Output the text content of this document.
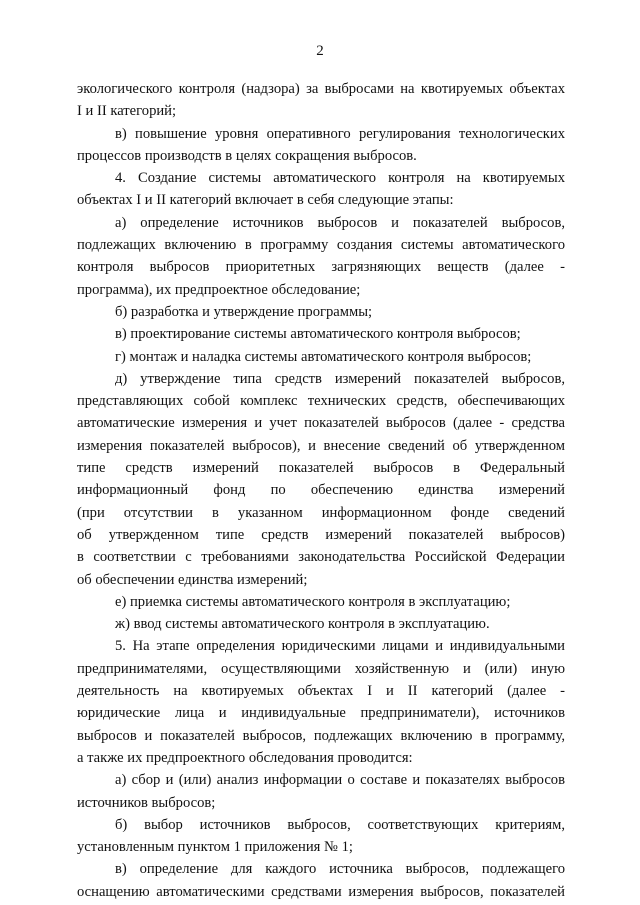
2
экологического контроля (надзора) за выбросами на квотируемых объектах
I и II категорий;
в) повышение уровня оперативного регулирования технологических
процессов производств в целях сокращения выбросов.
4. Создание системы автоматического контроля на квотируемых
объектах I и II категорий включает в себя следующие этапы:
а) определение источников выбросов и показателей выбросов,
подлежащих включению в программу создания системы автоматического
контроля выбросов приоритетных загрязняющих веществ (далее -
программа), их предпроектное обследование;
б) разработка и утверждение программы;
в) проектирование системы автоматического контроля выбросов;
г) монтаж и наладка системы автоматического контроля выбросов;
д) утверждение типа средств измерений показателей выбросов,
представляющих собой комплекс технических средств, обеспечивающих
автоматические измерения и учет показателей выбросов (далее - средства
измерения показателей выбросов), и внесение сведений об утвержденном
типе средств измерений показателей выбросов в Федеральный
информационный фонд по обеспечению единства измерений
(при отсутствии в указанном информационном фонде сведений
об утвержденном типе средств измерений показателей выбросов)
в соответствии с требованиями законодательства Российской Федерации
об обеспечении единства измерений;
е) приемка системы автоматического контроля в эксплуатацию;
ж) ввод системы автоматического контроля в эксплуатацию.
5. На этапе определения юридическими лицами и индивидуальными
предпринимателями, осуществляющими хозяйственную и (или) иную
деятельность на квотируемых объектах I и II категорий (далее -
юридические лица и индивидуальные предприниматели), источников
выбросов и показателей выбросов, подлежащих включению в программу,
а также их предпроектного обследования проводится:
а) сбор и (или) анализ информации о составе и показателях выбросов
источников выбросов;
б) выбор источников выбросов, соответствующих критериям,
установленным пунктом 1 приложения № 1;
в) определение для каждого источника выбросов, подлежащего
оснащению автоматическими средствами измерения выбросов, показателей
